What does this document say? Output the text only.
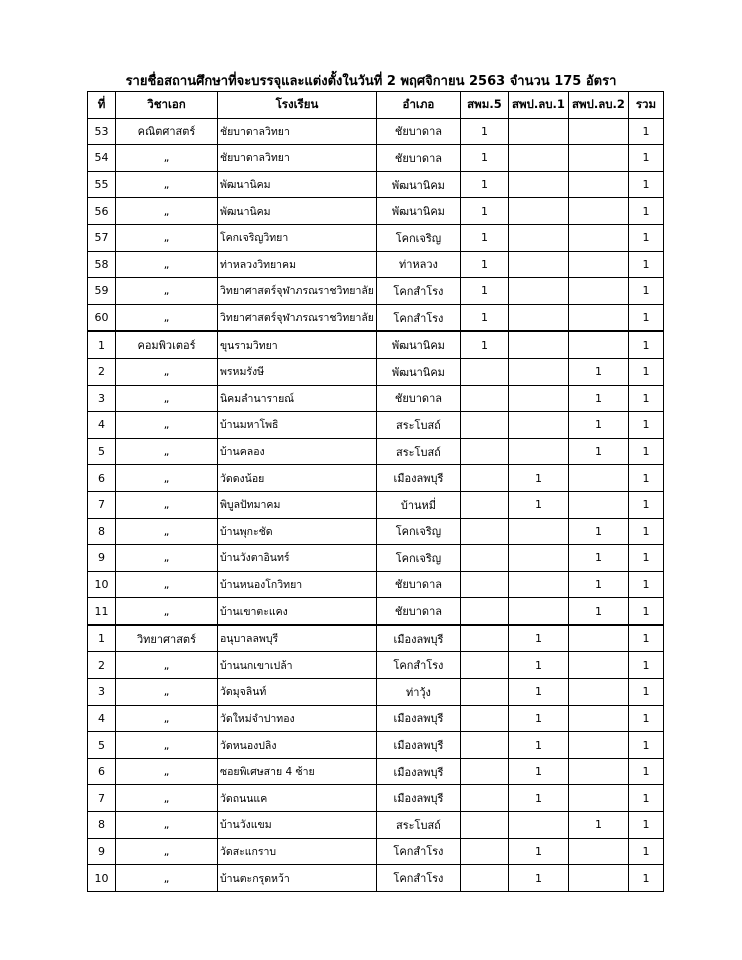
รายชื่อสถานศึกษาที่จะบรรจุและแต่งตั้งในวันที่ 2 พฤศจิกายน 2563 จำนวน 175 อัตรา
ที่	วิชาเอก	โรงเรียน	อำเภอ	สพม.5	สพป.ลบ.1	สพป.ลบ.2	รวม
53	คณิตศาสตร์	ชัยบาดาลวิทยา	ชัยบาดาล	1			1
54	„	ชัยบาดาลวิทยา	ชัยบาดาล	1			1
55	„	พัฒนานิคม	พัฒนานิคม	1			1
56	„	พัฒนานิคม	พัฒนานิคม	1			1
57	„	โคกเจริญวิทยา	โคกเจริญ	1			1
58	„	ท่าหลวงวิทยาคม	ท่าหลวง	1			1
59	„	วิทยาศาสตร์จุฬาภรณราชวิทยาลัย	โคกสำโรง	1			1
60	„	วิทยาศาสตร์จุฬาภรณราชวิทยาลัย	โคกสำโรง	1			1
1	คอมพิวเตอร์	ขุนรามวิทยา	พัฒนานิคม	1			1
2	„	พรหมรังษี	พัฒนานิคม			1	1
3	„	นิคมลำนารายณ์	ชัยบาดาล			1	1
4	„	บ้านมหาโพธิ	สระโบสถ์			1	1
5	„	บ้านคลอง	สระโบสถ์			1	1
6	„	วัดดงน้อย	เมืองลพบุรี		1		1
7	„	พิบูลปัทมาคม	บ้านหมี่		1		1
8	„	บ้านพุกะชัด	โคกเจริญ			1	1
9	„	บ้านวังตาอินทร์	โคกเจริญ			1	1
10	„	บ้านหนองโกวิทยา	ชัยบาดาล			1	1
11	„	บ้านเขาตะแคง	ชัยบาดาล			1	1
1	วิทยาศาสตร์	อนุบาลลพบุรี	เมืองลพบุรี		1		1
2	„	บ้านนกเขาเปล้า	โคกสำโรง		1		1
3	„	วัดมุจลินท์	ท่าวุ้ง		1		1
4	„	วัดใหม่จำปาทอง	เมืองลพบุรี		1		1
5	„	วัดหนองปลิง	เมืองลพบุรี		1		1
6	„	ซอยพิเศษสาย 4 ซ้าย	เมืองลพบุรี		1		1
7	„	วัดถนนแค	เมืองลพบุรี		1		1
8	„	บ้านวังแขม	สระโบสถ์			1	1
9	„	วัดสะแกราบ	โคกสำโรง		1		1
10	„	บ้านตะกรุดหว้า	โคกสำโรง		1		1
